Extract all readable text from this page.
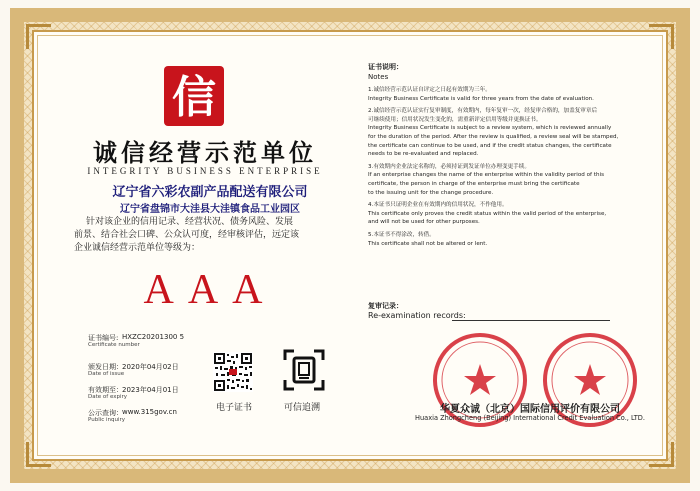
信
诚信经营示范单位
INTEGRITY BUSINESS ENTERPRISE
辽宁省六彩农副产品配送有限公司
辽宁省盘锦市大洼县大洼镇食品工业园区
针对该企业的信用记录、经营状况、债务风险、发展
前景、结合社会口碑、公众认可度，经审核评估，远定该
企业诚信经营示范单位等级为：
AAA
证书编号: HXZC20201300 5
Certificate number
颁发日期： 2020年04月02日
Date of issue
有效期至： 2023年04月01日
Date of expiry
公示查询： www.315gov.cn
Public inquiry
电子证书	可信追溯
证书说明：
Notes
1.诚信经营示范认证自评定之日起有效期为三年。
Integrity Business Certificate is valid for three years from the date of evaluation.
2.诚信经营示范认证实行复审制度，有效期内，每年复审一次，经复审合格的，加盖复审章后
可继续使用；信用状况发生变化的，需重新评定信用等级并更换证书。
Integrity Business Certificate is subject to a review system, which is reviewed annually
for the duration of the period. After the review is qualified, a review seal will be stamped,
the certificate can continue to be used, and if the credit status changes, the certificate
needs to be re-evaluated and replaced.
3.有效期内企业法定名称的，必须持证到发证单位办理变更手续。
If an enterprise changes the name of the enterprise within the validity period of this
certificate, the person in charge of the enterprise must bring the certificate
to the issuing unit for the change procedure.
4.本证书只证明企业在有效期内的信用状况，不作他用。
This certificate only proves the credit status within the valid period of the enterprise,
and will not be used for other purposes.
5.本证书不得涂改，转借。
This certificate shall not be altered or lent.
复审记录：
Re-examination records:
华夏众诚（北京）国际信用评价有限公司
Huaxia Zhongcheng (Beijing) International Credit Evaluation Co., LTD.
